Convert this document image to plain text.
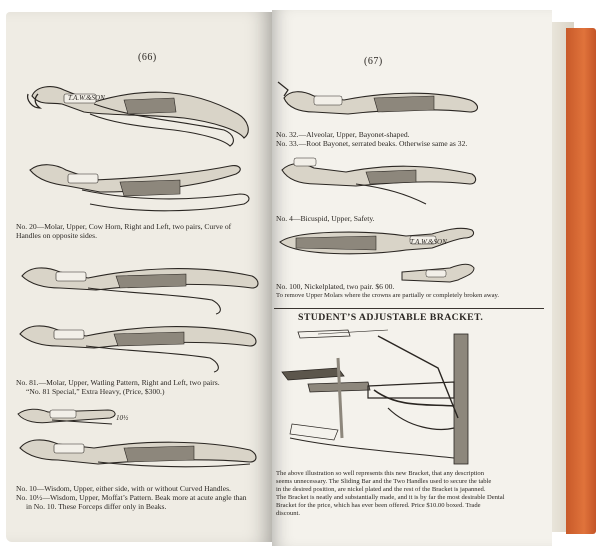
(66)
T.A.W.&SON
No. 20—Molar, Upper, Cow Horn, Right and Left, two pairs, Curve of
Handles on opposite sides.
No. 81.—Molar, Upper, Watling Pattern, Right and Left, two pairs.
“No. 81 Special,” Extra Heavy, (Price, $300.)
10½
No. 10—Wisdom, Upper, either side, with or without Curved Handles.
No. 10½—Wisdom, Upper, Moffat’s Pattern. Beak more at acute angle than
in No. 10. These Forceps differ only in Beaks.
(67)
No. 32.—Alveolar, Upper, Bayonet-shaped.
No. 33.—Root Bayonet, serrated beaks. Otherwise same as 32.
No. 4—Bicuspid, Upper, Safety.
T.A.W.&SON
No. 100, Nickelplated, two pair. $6 00.
To remove Upper Molars where the crowns are partially or completely broken away.
STUDENT’S ADJUSTABLE BRACKET.
The above illustration so well represents this new Bracket, that any description
seems unnecessary. The Sliding Bar and the Two Handles used to secure the table
in the desired position, are nickel plated and the rest of the Bracket is japanned.
The Bracket is neatly and substantially made, and it is by far the most desirable Dental
Bracket for the price, which has ever been offered. Price $10.00 boxed. Trade
discount.
